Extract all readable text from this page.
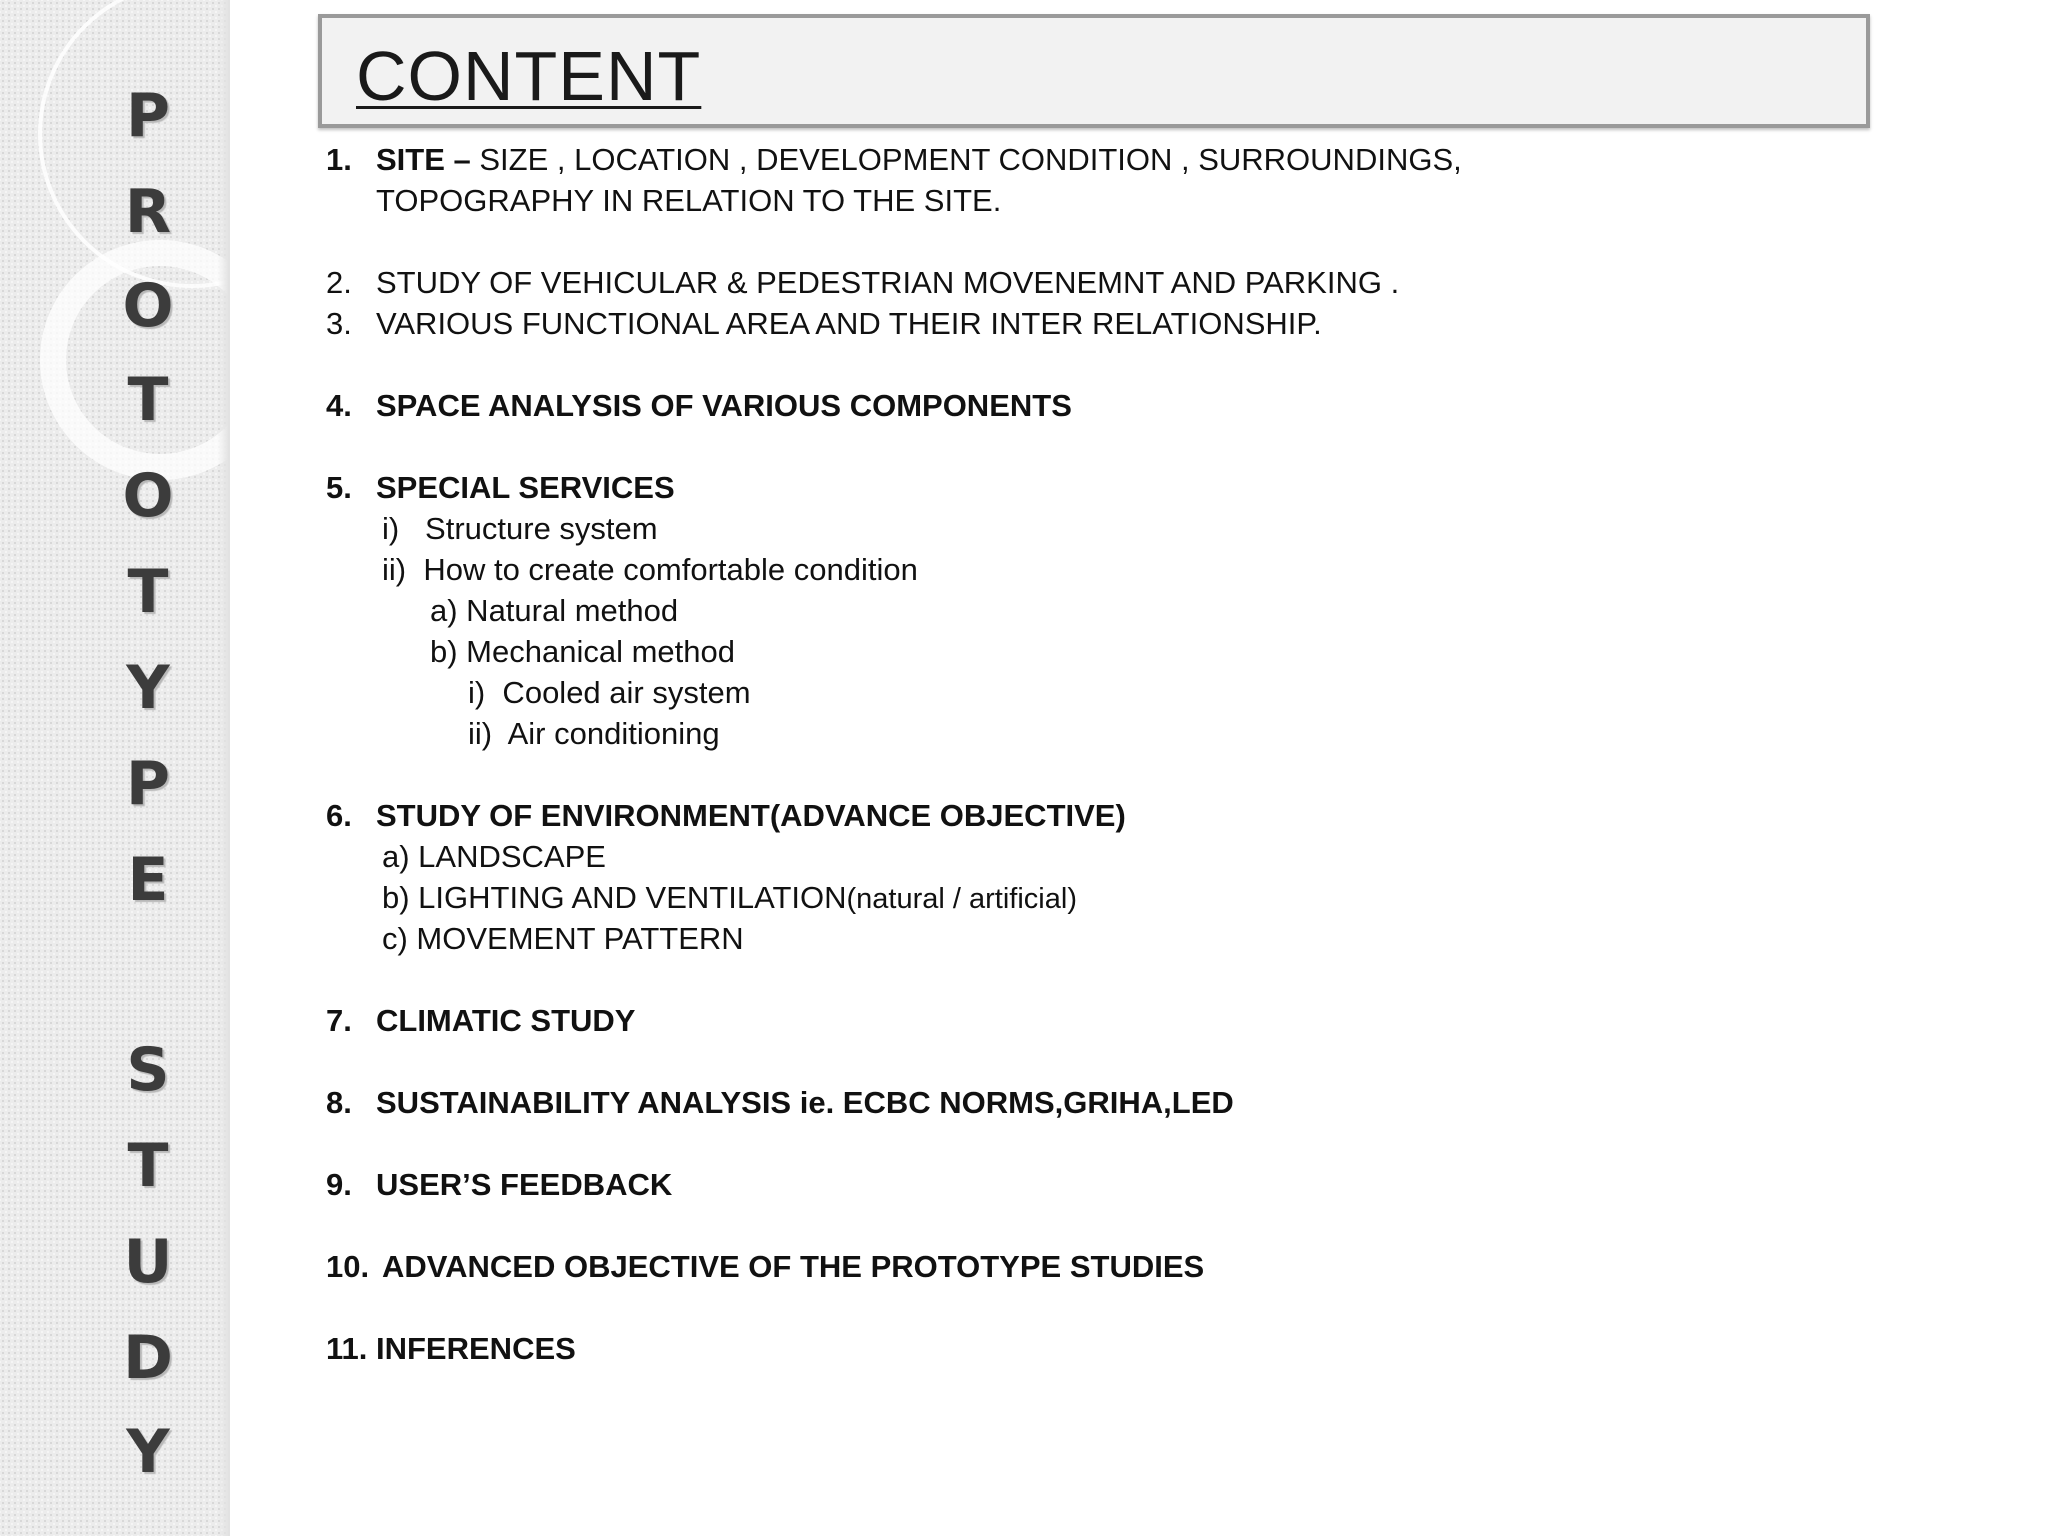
P
R
O
T
O
T
Y
P
E
S
T
U
D
Y
CONTENT
1. SITE – SIZE , LOCATION , DEVELOPMENT CONDITION , SURROUNDINGS,
TOPOGRAPHY IN RELATION TO THE SITE.
2. STUDY OF VEHICULAR & PEDESTRIAN MOVENEMNT AND PARKING .
3. VARIOUS FUNCTIONAL AREA AND THEIR INTER RELATIONSHIP.
4. SPACE ANALYSIS OF VARIOUS COMPONENTS
5. SPECIAL SERVICES
i)   Structure system
ii)  How to create comfortable condition
a) Natural method
b) Mechanical method
i)  Cooled air system
ii)  Air conditioning
6. STUDY OF ENVIRONMENT(ADVANCE OBJECTIVE)
a) LANDSCAPE
b) LIGHTING AND VENTILATION(natural / artificial)
c) MOVEMENT PATTERN
7. CLIMATIC STUDY
8. SUSTAINABILITY ANALYSIS ie. ECBC NORMS,GRIHA,LED
9. USER’S FEEDBACK
10. ADVANCED OBJECTIVE OF THE PROTOTYPE STUDIES
11. INFERENCES
